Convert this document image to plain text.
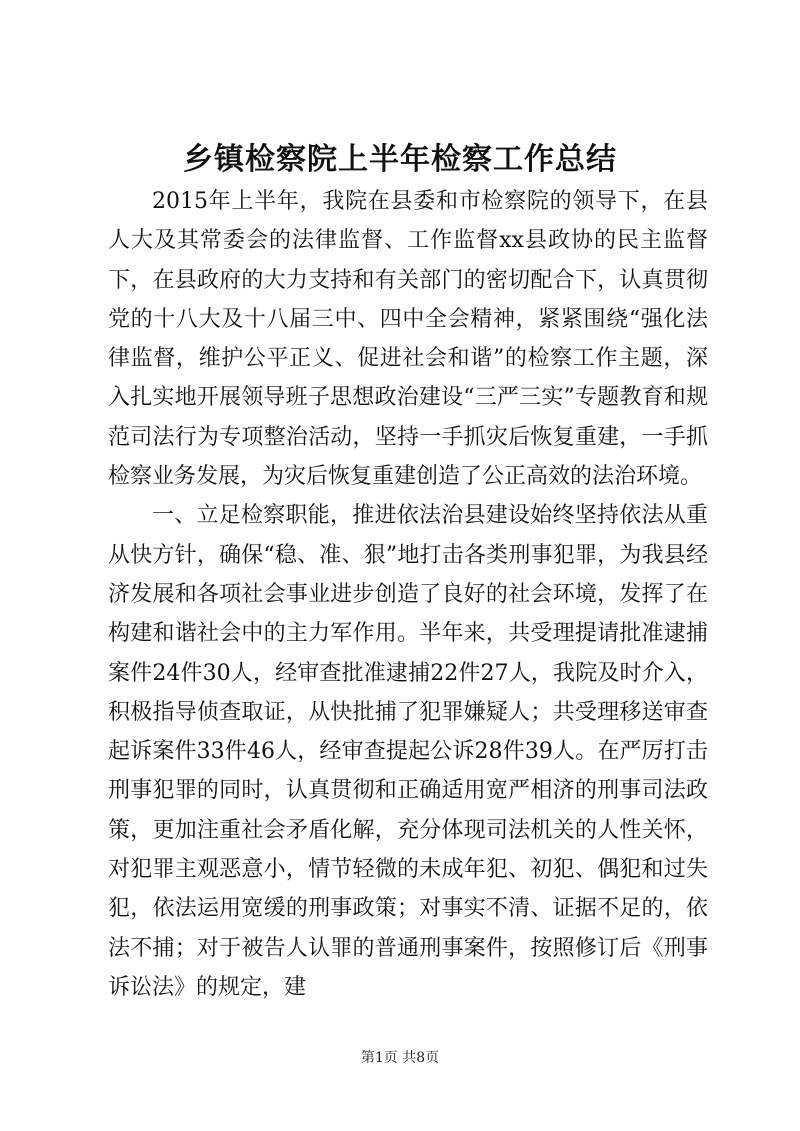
乡镇检察院上半年检察工作总结

2015年上半年，我院在县委和市检察院的领导下，在县人大及其常委会的法律监督、工作监督xx县政协的民主监督下，在县政府的大力支持和有关部门的密切配合下，认真贯彻党的十八大及十八届三中、四中全会精神，紧紧围绕“强化法律监督，维护公平正义、促进社会和谐”的检察工作主题，深入扎实地开展领导班子思想政治建设“三严三实”专题教育和规范司法行为专项整治活动，坚持一手抓灾后恢复重建，一手抓检察业务发展，为灾后恢复重建创造了公正高效的法治环境。

一、立足检察职能，推进依法治县建设始终坚持依法从重从快方针，确保“稳、准、狠”地打击各类刑事犯罪，为我县经济发展和各项社会事业进步创造了良好的社会环境，发挥了在构建和谐社会中的主力军作用。半年来，共受理提请批准逮捕案件24件30人，经审查批准逮捕22件27人，我院及时介入，积极指导侦查取证，从快批捕了犯罪嫌疑人；共受理移送审查起诉案件33件46人，经审查提起公诉28件39人。在严厉打击刑事犯罪的同时，认真贯彻和正确适用宽严相济的刑事司法政策，更加注重社会矛盾化解，充分体现司法机关的人性关怀，对犯罪主观恶意小，情节轻微的未成年犯、初犯、偶犯和过失犯，依法运用宽缓的刑事政策；对事实不清、证据不足的，依法不捕；对于被告人认罪的普通刑事案件，按照修订后《刑事诉讼法》的规定，建

第1页 共8页
